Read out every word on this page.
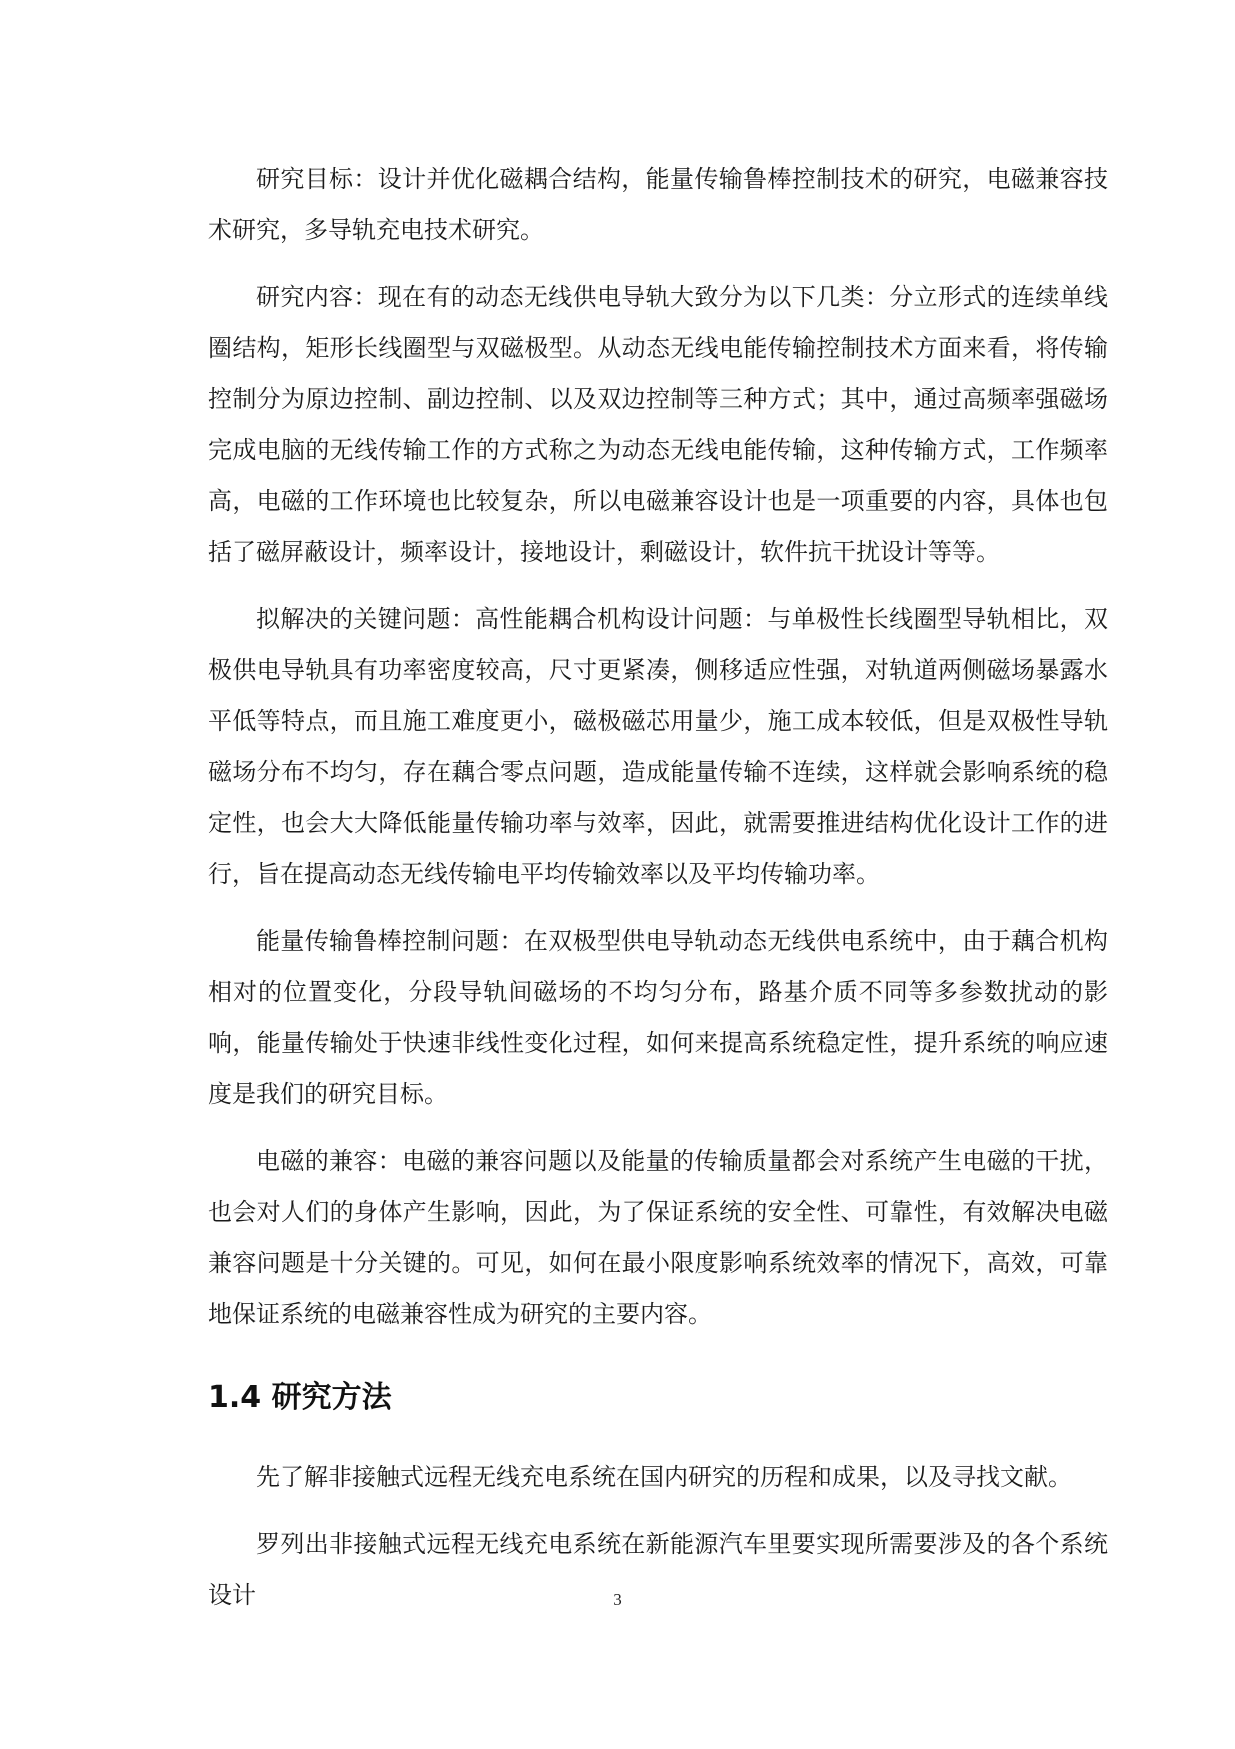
研究目标：设计并优化磁耦合结构，能量传输鲁棒控制技术的研究，电磁兼容技术研究，多导轨充电技术研究。

研究内容：现在有的动态无线供电导轨大致分为以下几类：分立形式的连续单线圈结构，矩形长线圈型与双磁极型。从动态无线电能传输控制技术方面来看，将传输控制分为原边控制、副边控制、以及双边控制等三种方式；其中，通过高频率强磁场完成电脑的无线传输工作的方式称之为动态无线电能传输，这种传输方式，工作频率高，电磁的工作环境也比较复杂，所以电磁兼容设计也是一项重要的内容，具体也包括了磁屏蔽设计，频率设计，接地设计，剩磁设计，软件抗干扰设计等等。

拟解决的关键问题：高性能耦合机构设计问题：与单极性长线圈型导轨相比，双极供电导轨具有功率密度较高，尺寸更紧凑，侧移适应性强，对轨道两侧磁场暴露水平低等特点，而且施工难度更小，磁极磁芯用量少，施工成本较低，但是双极性导轨磁场分布不均匀，存在藕合零点问题，造成能量传输不连续，这样就会影响系统的稳定性，也会大大降低能量传输功率与效率，因此，就需要推进结构优化设计工作的进行，旨在提高动态无线传输电平均传输效率以及平均传输功率。

能量传输鲁棒控制问题：在双极型供电导轨动态无线供电系统中，由于藕合机构相对的位置变化，分段导轨间磁场的不均匀分布，路基介质不同等多参数扰动的影响，能量传输处于快速非线性变化过程，如何来提高系统稳定性，提升系统的响应速度是我们的研究目标。

电磁的兼容：电磁的兼容问题以及能量的传输质量都会对系统产生电磁的干扰，也会对人们的身体产生影响，因此，为了保证系统的安全性、可靠性，有效解决电磁兼容问题是十分关键的。可见，如何在最小限度影响系统效率的情况下，高效，可靠地保证系统的电磁兼容性成为研究的主要内容。

1.4 研究方法

先了解非接触式远程无线充电系统在国内研究的历程和成果，以及寻找文献。

罗列出非接触式远程无线充电系统在新能源汽车里要实现所需要涉及的各个系统设计	3
